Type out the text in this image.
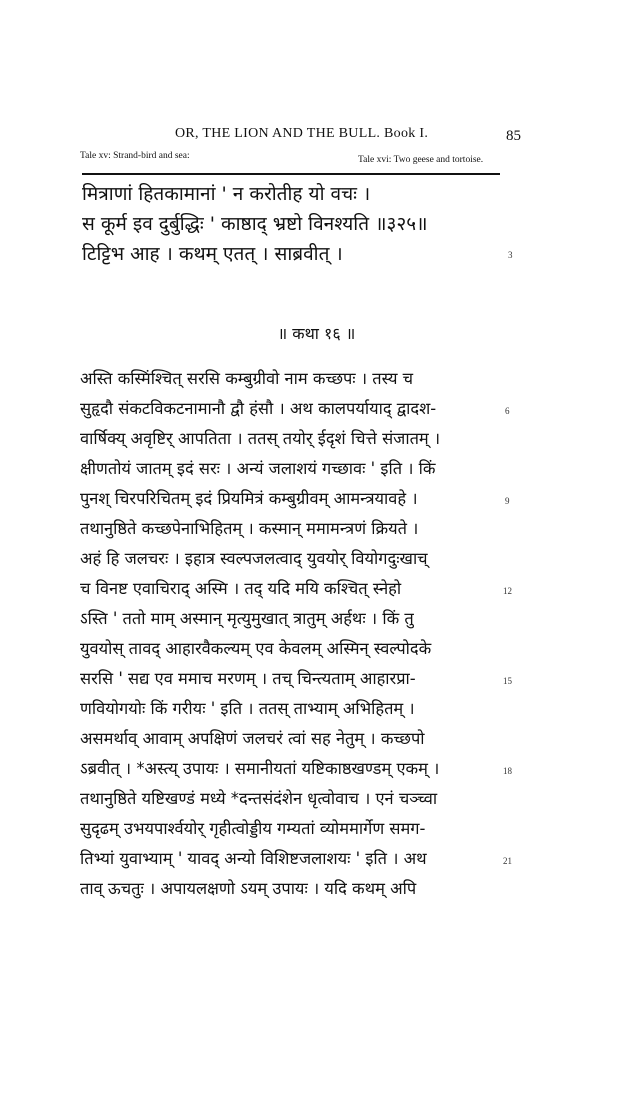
OR, THE LION AND THE BULL. Book I.	85
Tale xv: Strand-bird and sea:	Tale xvi: Two geese and tortoise.
मित्राणां हितकामानां ' न करोतीह यो वचः ।
स कूर्म इव दुर्बुद्धिः ' काष्ठाद् भ्रष्टो विनश्यति ॥३२५॥
टिट्टिभ आह । कथम् एतत् । साब्रवीत् ।	3
॥ कथा १६ ॥
अस्ति कस्मिंश्चित् सरसि कम्बुग्रीवो नाम कच्छपः । तस्य च
सुहृदौ संकटविकटनामानौ द्वौ हंसौ । अथ कालपर्यायाद् द्वादश-
वार्षिक्य् अवृष्टिर् आपतिता । ततस् तयोर् ईदृशं चित्ते संजातम् ।
क्षीणतोयं जातम् इदं सरः । अन्यं जलाशयं गच्छावः ' इति । किं
पुनश् चिरपरिचितम् इदं प्रियमित्रं कम्बुग्रीवम् आमन्त्रयावहे ।
तथानुष्ठिते कच्छपेनाभिहितम् । कस्मान् ममामन्त्रणं क्रियते ।
अहं हि जलचरः । इहात्र स्वल्पजलत्वाद् युवयोर् वियोगदुःखाच्
च विनष्ट एवाचिराद् अस्मि । तद् यदि मयि कश्चित् स्नेहो
ऽस्ति ' ततो माम् अस्मान् मृत्युमुखात् त्रातुम् अर्हथः । किं तु
युवयोस् तावद् आहारवैकल्यम् एव केवलम् अस्मिन् स्वल्पोदके
सरसि ' सद्य एव ममाच मरणम् । तच् चिन्त्यताम् आहारप्रा-
णवियोगयोः किं गरीयः ' इति । ततस् ताभ्याम् अभिहितम् ।
असमर्थाव् आवाम् अपक्षिणं जलचरं त्वां सह नेतुम् । कच्छपो
ऽब्रवीत् । *अस्त्य् उपायः । समानीयतां यष्टिकाष्ठखण्डम् एकम् ।
तथानुष्ठिते यष्टिखण्डं मध्ये *दन्तसंदंशेन धृत्वोवाच । एनं चञ्च्वा
सुदृढम् उभयपार्श्वयोर् गृहीत्वोड्डीय गम्यतां व्योममार्गेण समग-
तिभ्यां युवाभ्याम् ' यावद् अन्यो विशिष्टजलाशयः ' इति । अथ
ताव् ऊचतुः । अपायलक्षणो ऽयम् उपायः । यदि कथम् अपि
6
9
12
15
18
21
